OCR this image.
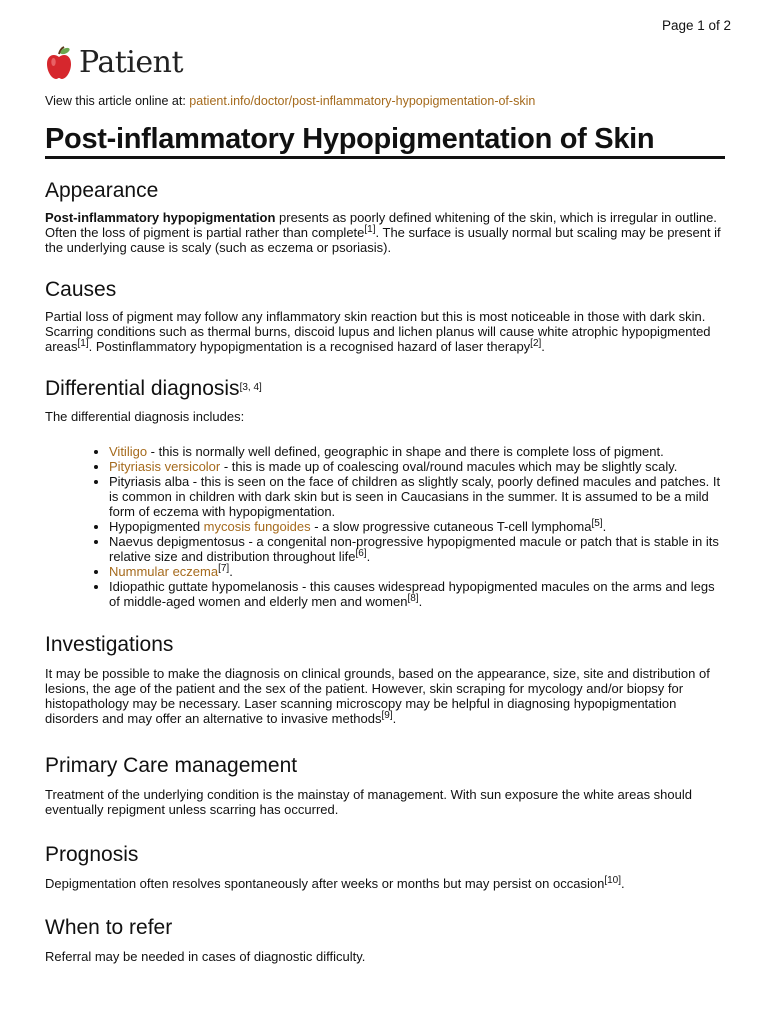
Page 1 of 2
Patient

View this article online at: patient.info/doctor/post-inflammatory-hypopigmentation-of-skin

Post-inflammatory Hypopigmentation of Skin
Appearance

Post-inflammatory hypopigmentation presents as poorly defined whitening of the skin, which is irregular in outline. Often the loss of pigment is partial rather than complete[1]. The surface is usually normal but scaling may be present if the underlying cause is scaly (such as eczema or psoriasis).

Causes

Partial loss of pigment may follow any inflammatory skin reaction but this is most noticeable in those with dark skin. Scarring conditions such as thermal burns, discoid lupus and lichen planus will cause white atrophic hypopigmented areas[1]. Postinflammatory hypopigmentation is a recognised hazard of laser therapy[2].

Differential diagnosis[3, 4]

The differential diagnosis includes:

• Vitiligo - this is normally well defined, geographic in shape and there is complete loss of pigment.
• Pityriasis versicolor - this is made up of coalescing oval/round macules which may be slightly scaly.
• Pityriasis alba - this is seen on the face of children as slightly scaly, poorly defined macules and patches. It is common in children with dark skin but is seen in Caucasians in the summer. It is assumed to be a mild form of eczema with hypopigmentation.
• Hypopigmented mycosis fungoides - a slow progressive cutaneous T-cell lymphoma[5].
• Naevus depigmentosus - a congenital non-progressive hypopigmented macule or patch that is stable in its relative size and distribution throughout life[6].
• Nummular eczema[7].
• Idiopathic guttate hypomelanosis - this causes widespread hypopigmented macules on the arms and legs of middle-aged women and elderly men and women[8].
Investigations

It may be possible to make the diagnosis on clinical grounds, based on the appearance, size, site and distribution of lesions, the age of the patient and the sex of the patient. However, skin scraping for mycology and/or biopsy for histopathology may be necessary. Laser scanning microscopy may be helpful in diagnosing hypopigmentation disorders and may offer an alternative to invasive methods[9].

Primary Care management

Treatment of the underlying condition is the mainstay of management. With sun exposure the white areas should eventually repigment unless scarring has occurred.

Prognosis

Depigmentation often resolves spontaneously after weeks or months but may persist on occasion[10].

When to refer

Referral may be needed in cases of diagnostic difficulty.
